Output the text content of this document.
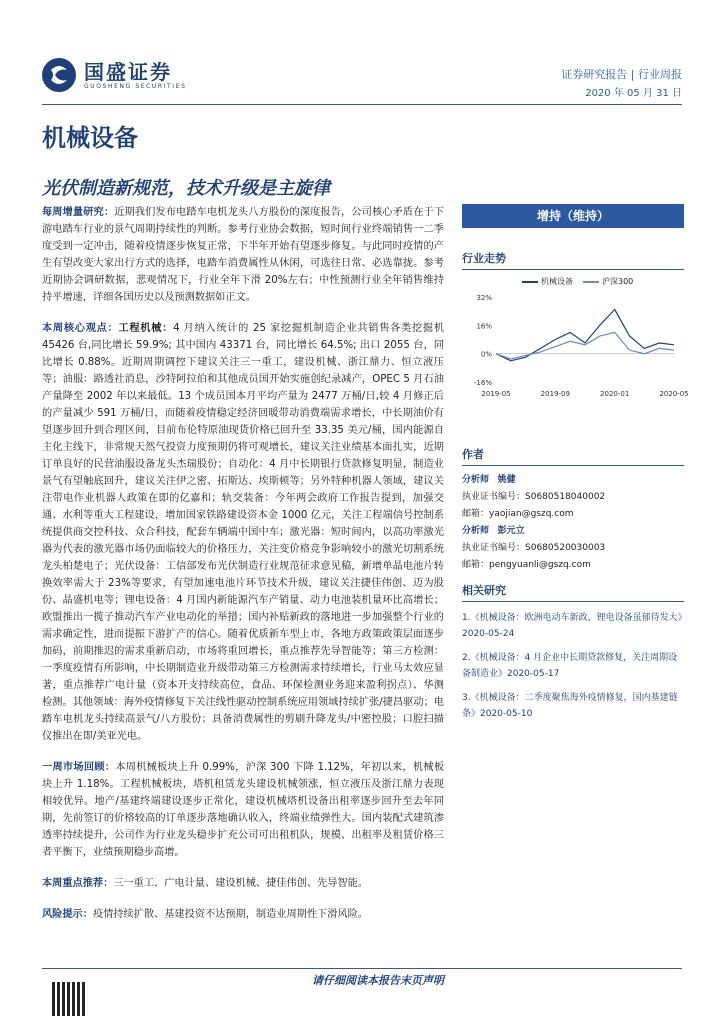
国盛证券
GUOSHENG SECURITIES
证券研究报告 | 行业周报
2020 年 05 月 31 日
机械设备
光伏制造新规范，技术升级是主旋律

每周增量研究：近期我们发布电踏车电机龙头八方股份的深度报告，公司核心矛盾在于下游电踏车行业的景气周期持续性的判断。参考行业协会数据，短时间行业终端销售一二季度受到一定冲击，随着疫情逐步恢复正常，下半年开始有望逐步修复。与此同时疫情的产生有望改变大家出行方式的选择，电踏车消费属性从休闲，可选往日常、必选靠拢。参考近期协会调研数据，悲观情况下，行业全年下滑 20%左右；中性预测行业全年销售维持持平增速，详细各国历史以及预测数据如正文。

本周核心观点：工程机械：4 月纳入统计的 25 家挖掘机制造企业共销售各类挖掘机 45426 台,同比增长 59.9%; 其中国内 43371 台，同比增长 64.5%; 出口 2055 台，同比增长 0.88%。近期周期调控下建议关注三一重工，建设机械、浙江鼎力、恒立液压等；油服：路透社消息，沙特阿拉伯和其他成员国开始实施创纪录减产，OPEC 5 月石油产量降至 2002 年以来最低。13 个成员国本月平均产量为 2477 万桶/日,较 4 月修正后的产量减少 591 万桶/日，而随着疫情稳定经济回暖带动消费端需求增长，中长期油价有望逐步回升到合理区间，目前布伦特原油现货价格已回升至 33.35 美元/桶，国内能源自主化主线下，非常规天然气投资力度预期仍将可观增长，建议关注业绩基本面扎实，近期订单良好的民营油服设备龙头杰瑞股份；自动化：4 月中长期银行贷款修复明显，制造业景气有望触底回升，建议关注伊之密、拓斯达、埃斯顿等；另外特种机器人领域，建议关注带电作业机器人政策在即的亿嘉和；轨交装备：今年两会政府工作报告提到，加强交通、水利等重大工程建设，增加国家铁路建设资本金 1000 亿元，关注工程端信号控制系统提供商交控科技、众合科技，配套车辆端中国中车；激光器：短时间内，以高功率激光器为代表的激光器市场仍面临较大的价格压力，关注变价格竞争影响较小的激光切割系统龙头柏楚电子；光伏设备：工信部发布光伏制造行业规范征求意见稿，新增单晶电池片转换效率需大于 23%等要求，有望加速电池片环节技术升级，建议关注捷佳伟创、迈为股份、晶盛机电等；锂电设备：4 月国内新能源汽车产销量、动力电池装机量环比高增长；欧盟推出一揽子推动汽车产业电动化的举措；国内补贴新政的落地进一步加强整个行业的需求确定性，进而提振下游扩产的信心。随着优质新车型上市，各地方政策政策层面逐步加码，前期推迟的需求重新启动，市场将重回增长，重点推荐先导智能等；第三方检测：一季度疫情有所影响，中长期制造业升级带动第三方检测需求持续增长，行业马太效应显著，重点推荐广电计量（资本开支持续高位，食品、环保检测业务迎来盈利拐点）、华测检测。其他领域：海外疫情修复下关注线性驱动控制系统应用领域持续扩张/捷昌驱动；电踏车电机龙头持续高景气/八方股份；具备消费属性的剪刷升降龙头/中密控股；口腔扫描仪推出在即/美亚光电。

一周市场回顾：本周机械板块上升 0.99%，沪深 300 下降 1.12%，年初以来，机械板块上升 1.18%。工程机械板块，塔机租赁龙头建设机械领涨，恒立液压及浙江鼎力表现相较优异。地产/基建终端建设逐步正常化，建设机械塔机设备出租率逐步回升至去年同期，先前签订的价格较高的订单逐步落地确认收入，终端业绩弹性大。国内装配式建筑渗透率持续提升，公司作为行业龙头稳步扩充公司可出租机队，规模、出租率及租赁价格三者平衡下，业绩预期稳步高增。

本周重点推荐：三一重工、广电计量、建设机械、捷佳伟创、先导智能。

风险提示：疫情持续扩散、基建投资不达预期，制造业周期性下滑风险。

增持（维持）
行业走势
机械设备	沪深300
32%
16%
0%
-16%
2019-05	2019-09	2020-01	2020-05
作者
分析师 姚健
执业证书编号：S0680518040002
邮箱：yaojian@gszq.com
分析师 彭元立
执业证书编号：S0680520030003
邮箱：pengyuanli@gszq.com
相关研究
1.《机械设备：欧洲电动车新政，锂电设备虽郁待发大》2020-05-24
2.《机械设备：4 月企业中长期贷款修复，关注周期设备制造业》2020-05-17
3.《机械设备：二季度聚焦海外疫情修复，国内基建链条》2020-05-10
请仔细阅读本报告末页声明
